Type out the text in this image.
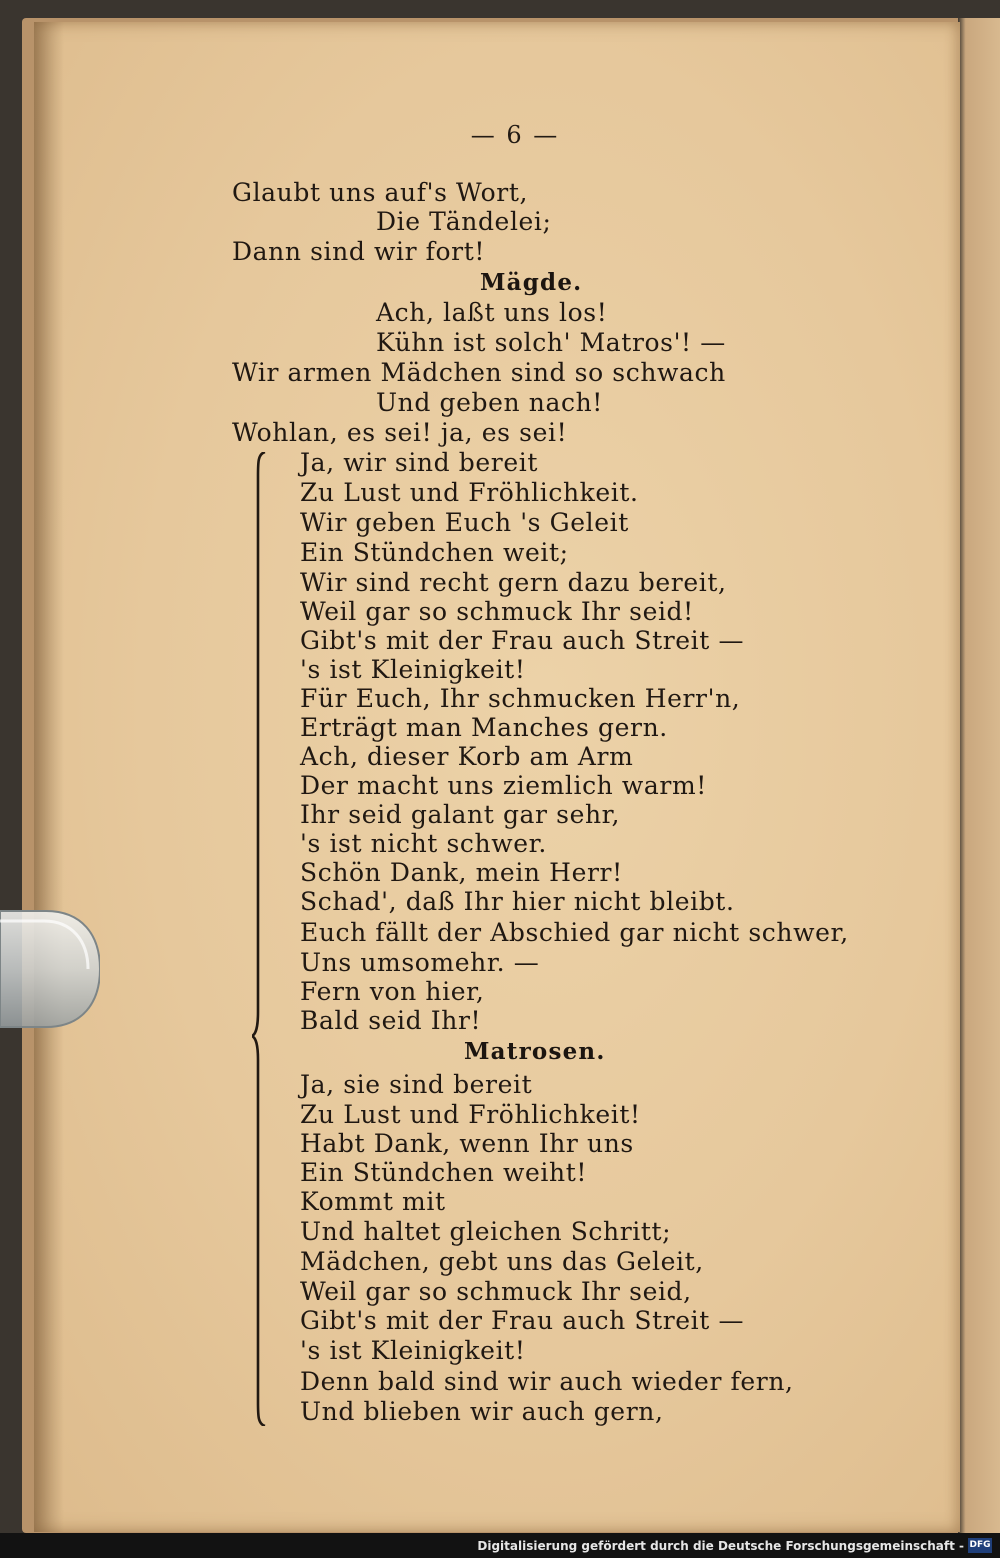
— 6 —
Glaubt uns auf's Wort,
Die Tändelei;
Dann sind wir fort!
Mägde.
Ach, laßt uns los!
Kühn ist solch' Matros'! —
Wir armen Mädchen sind so schwach
Und geben nach!
Wohlan, es sei! ja, es sei!
Ja, wir sind bereit
Zu Lust und Fröhlichkeit.
Wir geben Euch 's Geleit
Ein Stündchen weit;
Wir sind recht gern dazu bereit,
Weil gar so schmuck Ihr seid!
Gibt's mit der Frau auch Streit —
's ist Kleinigkeit!
Für Euch, Ihr schmucken Herr'n,
Erträgt man Manches gern.
Ach, dieser Korb am Arm
Der macht uns ziemlich warm!
Ihr seid galant gar sehr,
's ist nicht schwer.
Schön Dank, mein Herr!
Schad', daß Ihr hier nicht bleibt.
Euch fällt der Abschied gar nicht schwer,
Uns umsomehr. —
Fern von hier,
Bald seid Ihr!
Matrosen.
Ja, sie sind bereit
Zu Lust und Fröhlichkeit!
Habt Dank, wenn Ihr uns
Ein Stündchen weiht!
Kommt mit
Und haltet gleichen Schritt;
Mädchen, gebt uns das Geleit,
Weil gar so schmuck Ihr seid,
Gibt's mit der Frau auch Streit —
's ist Kleinigkeit!
Denn bald sind wir auch wieder fern,
Und blieben wir auch gern,
Digitalisierung gefördert durch die Deutsche Forschungsgemeinschaft - DFG
